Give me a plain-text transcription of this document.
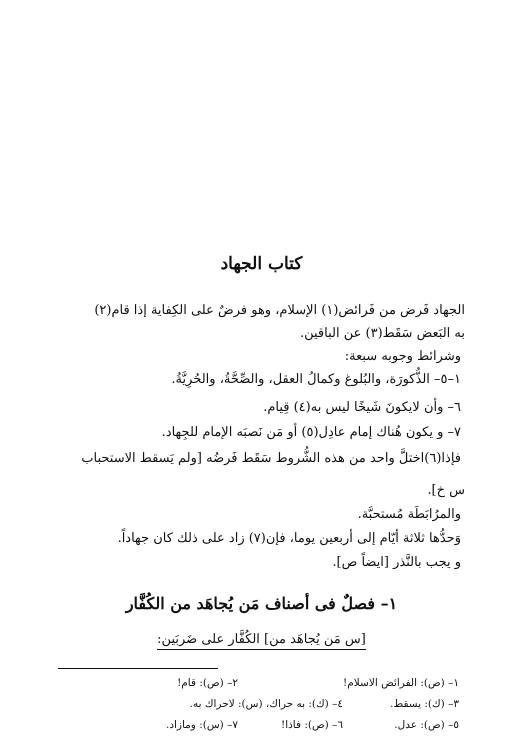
كتاب الجهاد
الجهاد فَرض من فَرائض(١) الإسلام، وهو فرضٌ على الكِفاية إذا قام(٢)
به البَعض سَقَط(٣) عن الباقين.
وشرائط وجوبه سبعة:
١–٥– الذُّكورَة، والبُلوغ وكمالُ العقل، والصِّحَّةُ، والحُرِيَّةُ.
٦– وأن لايكونَ شَيخًا ليس به(٤) قِيام.
٧– و يكون هُناك إمام عادِل(٥) أو مَن نَصبَه الإمام للجِهاد.
فإذا(٦)اختلَّ واحد من هذه الشُّروط سَقَط فَرضُه [ولم يَسقط الاستحباب
س خ].
والمرُابَطَة مُستحبَّة.
وَحدُّها ثلاثة أيّام إلى أربعين يوما، فإن(٧) زاد على ذلك كان جهاداً.
و يجب بالنَّذر [ايضاً ص].
١– فصلٌ فى أصناف مَن يُجاهَد من الكُفَّار
[س مَن يُجاهَد من] الكُفَّار على ضَربَين:
١– (ص): الفرائض الاسلام!
٢– (ص): قام!
٣– (ك): يسقط.
٤– (ك): به حراك، (س): لاحراك به.
٥– (ص): عدل.
٦– (ص): فاذا!
٧– (س): ومازاد.
